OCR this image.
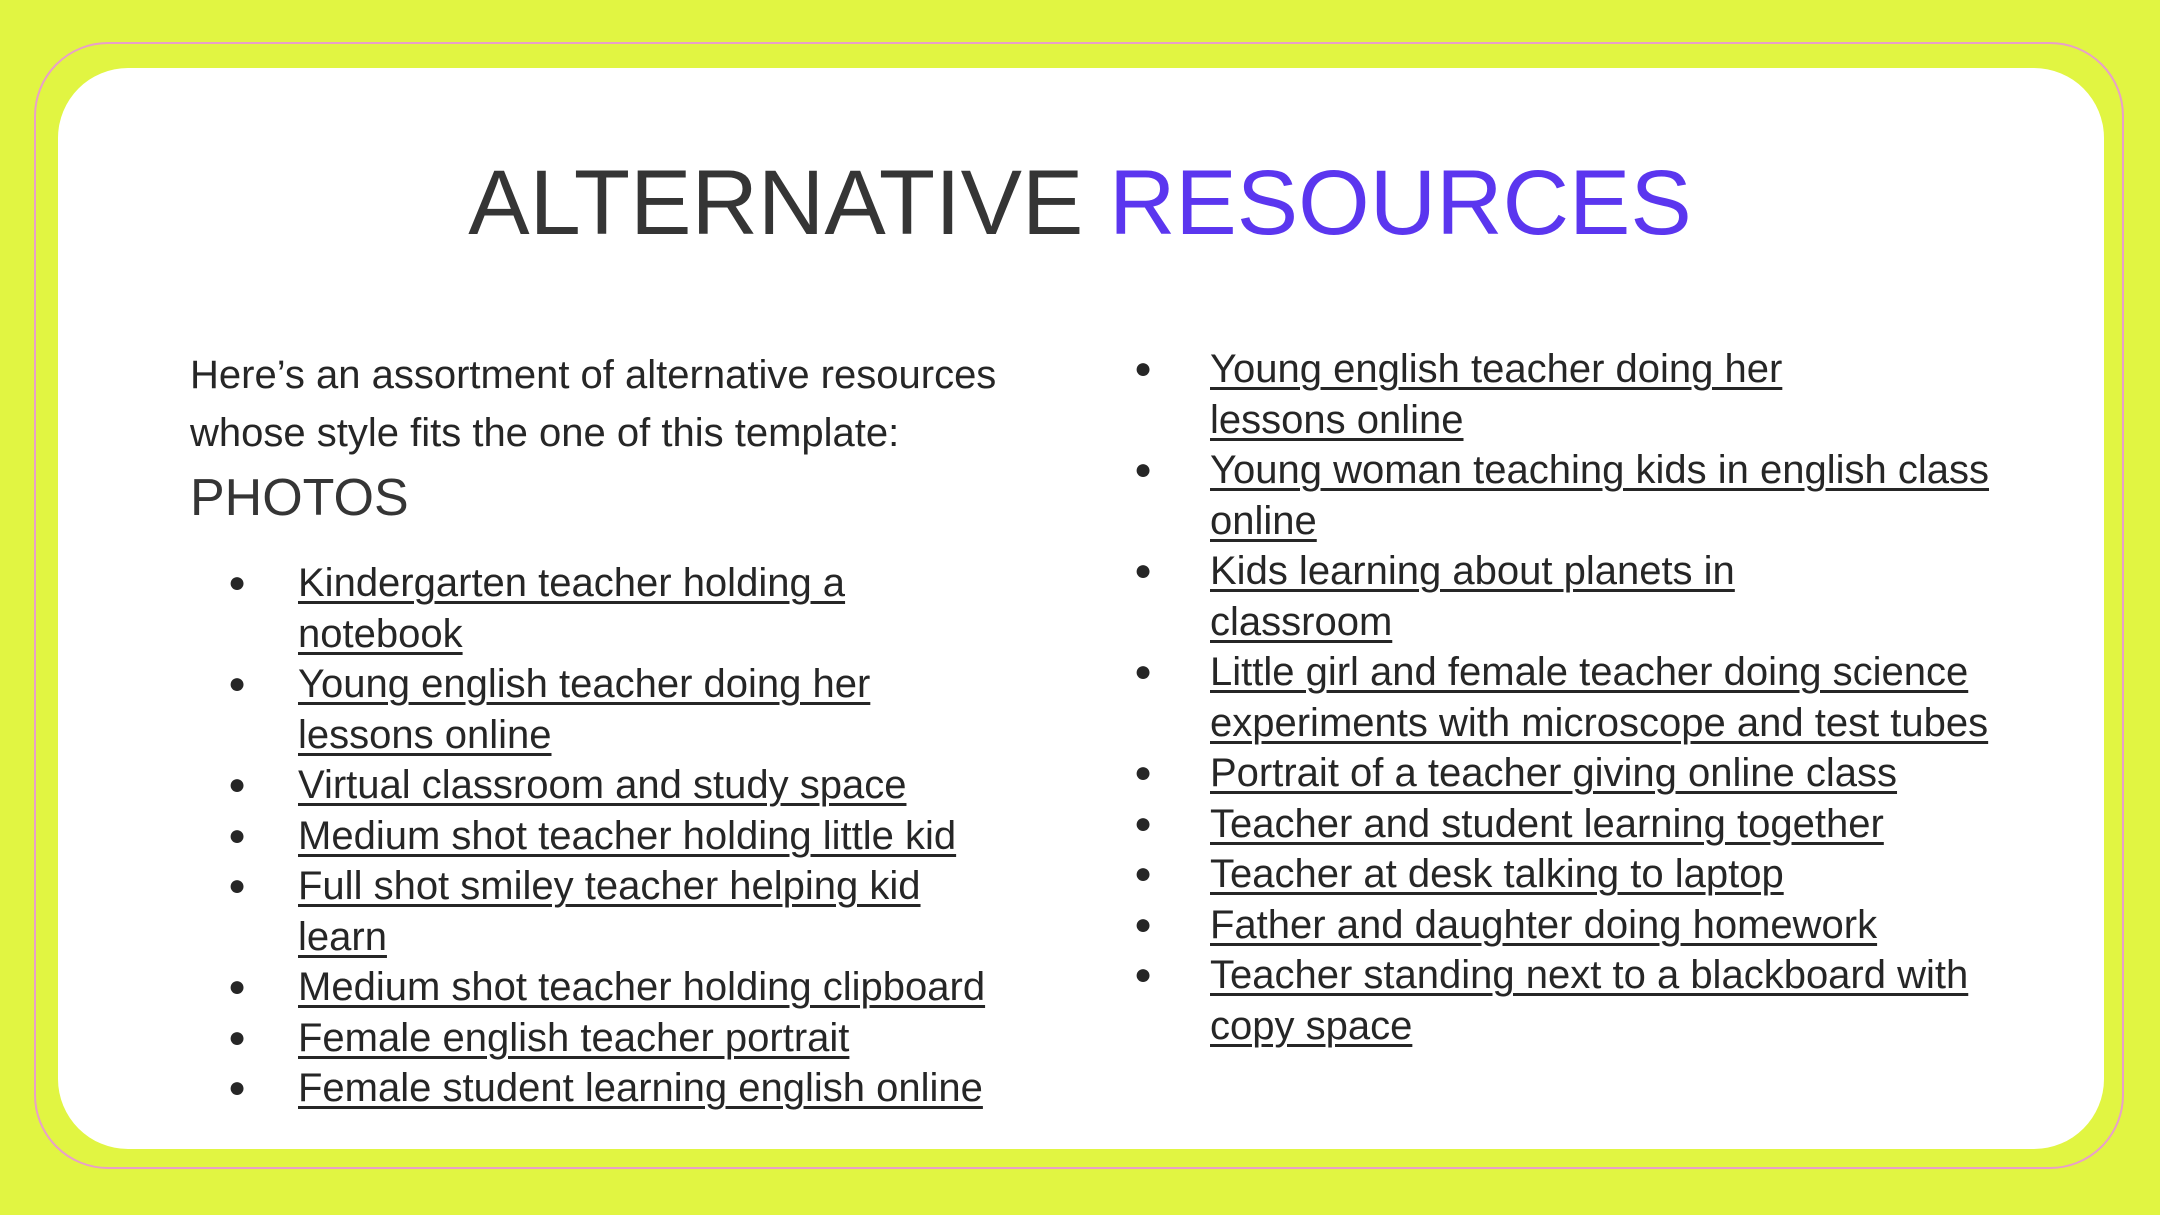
ALTERNATIVE RESOURCES

Here’s an assortment of alternative resources
whose style fits the one of this template:

PHOTOS
● Kindergarten teacher holding a notebook
● Young english teacher doing her lessons online
● Virtual classroom and study space
● Medium shot teacher holding little kid
● Full shot smiley teacher helping kid learn
● Medium shot teacher holding clipboard
● Female english teacher portrait
● Female student learning english online
● Young english teacher doing her lessons online
● Young woman teaching kids in english class online
● Kids learning about planets in classroom
● Little girl and female teacher doing science experiments with microscope and test tubes
● Portrait of a teacher giving online class
● Teacher and student learning together
● Teacher at desk talking to laptop
● Father and daughter doing homework
● Teacher standing next to a blackboard with copy space
